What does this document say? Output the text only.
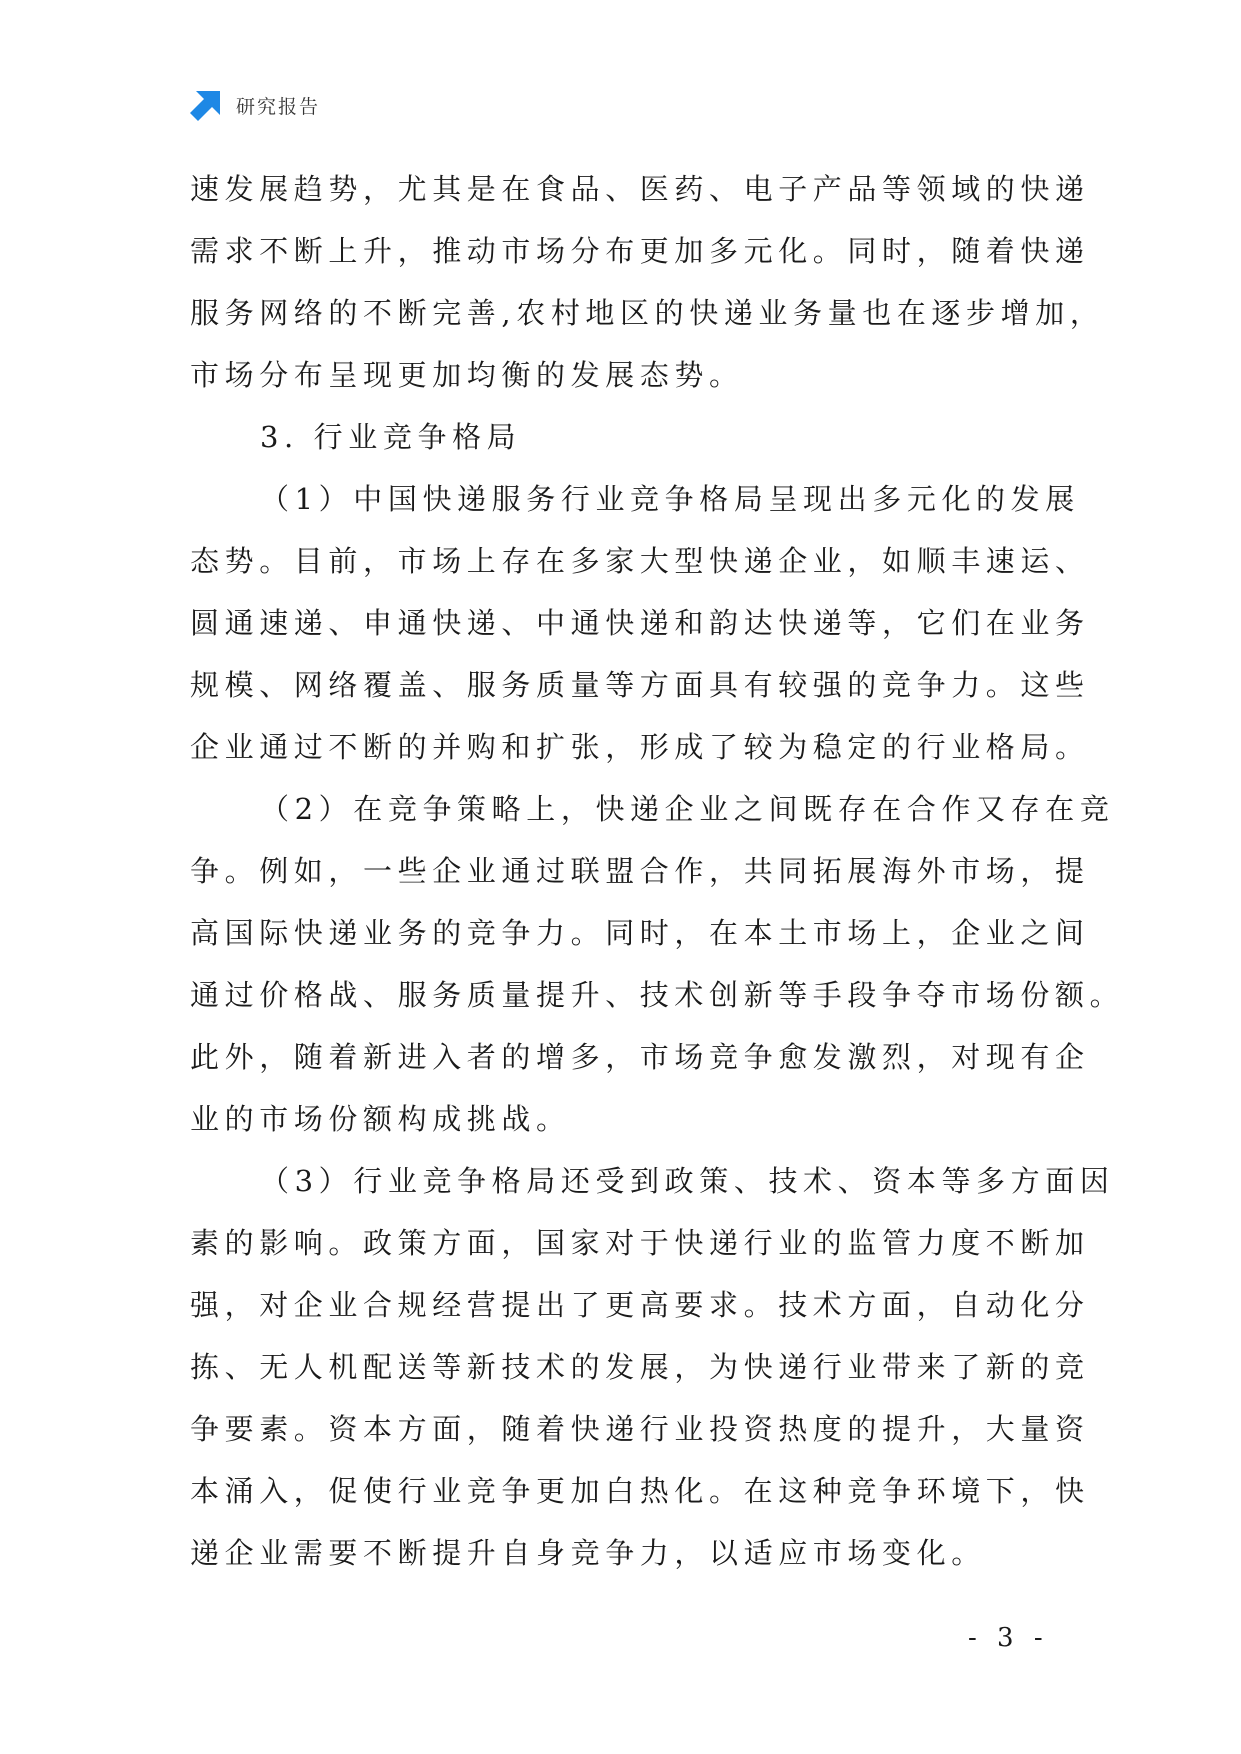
研究报告
速发展趋势，尤其是在食品、医药、电子产品等领域的快递
需求不断上升，推动市场分布更加多元化。同时，随着快递
服务网络的不断完善,农村地区的快递业务量也在逐步增加，
市场分布呈现更加均衡的发展态势。
3. 行业竞争格局
（1）中国快递服务行业竞争格局呈现出多元化的发展
态势。目前，市场上存在多家大型快递企业，如顺丰速运、
圆通速递、申通快递、中通快递和韵达快递等，它们在业务
规模、网络覆盖、服务质量等方面具有较强的竞争力。这些
企业通过不断的并购和扩张，形成了较为稳定的行业格局。
（2）在竞争策略上，快递企业之间既存在合作又存在竞
争。例如，一些企业通过联盟合作，共同拓展海外市场，提
高国际快递业务的竞争力。同时，在本土市场上，企业之间
通过价格战、服务质量提升、技术创新等手段争夺市场份额。
此外，随着新进入者的增多，市场竞争愈发激烈，对现有企
业的市场份额构成挑战。
（3）行业竞争格局还受到政策、技术、资本等多方面因
素的影响。政策方面，国家对于快递行业的监管力度不断加
强，对企业合规经营提出了更高要求。技术方面，自动化分
拣、无人机配送等新技术的发展，为快递行业带来了新的竞
争要素。资本方面，随着快递行业投资热度的提升，大量资
本涌入，促使行业竞争更加白热化。在这种竞争环境下，快
递企业需要不断提升自身竞争力，以适应市场变化。
- 3 -
